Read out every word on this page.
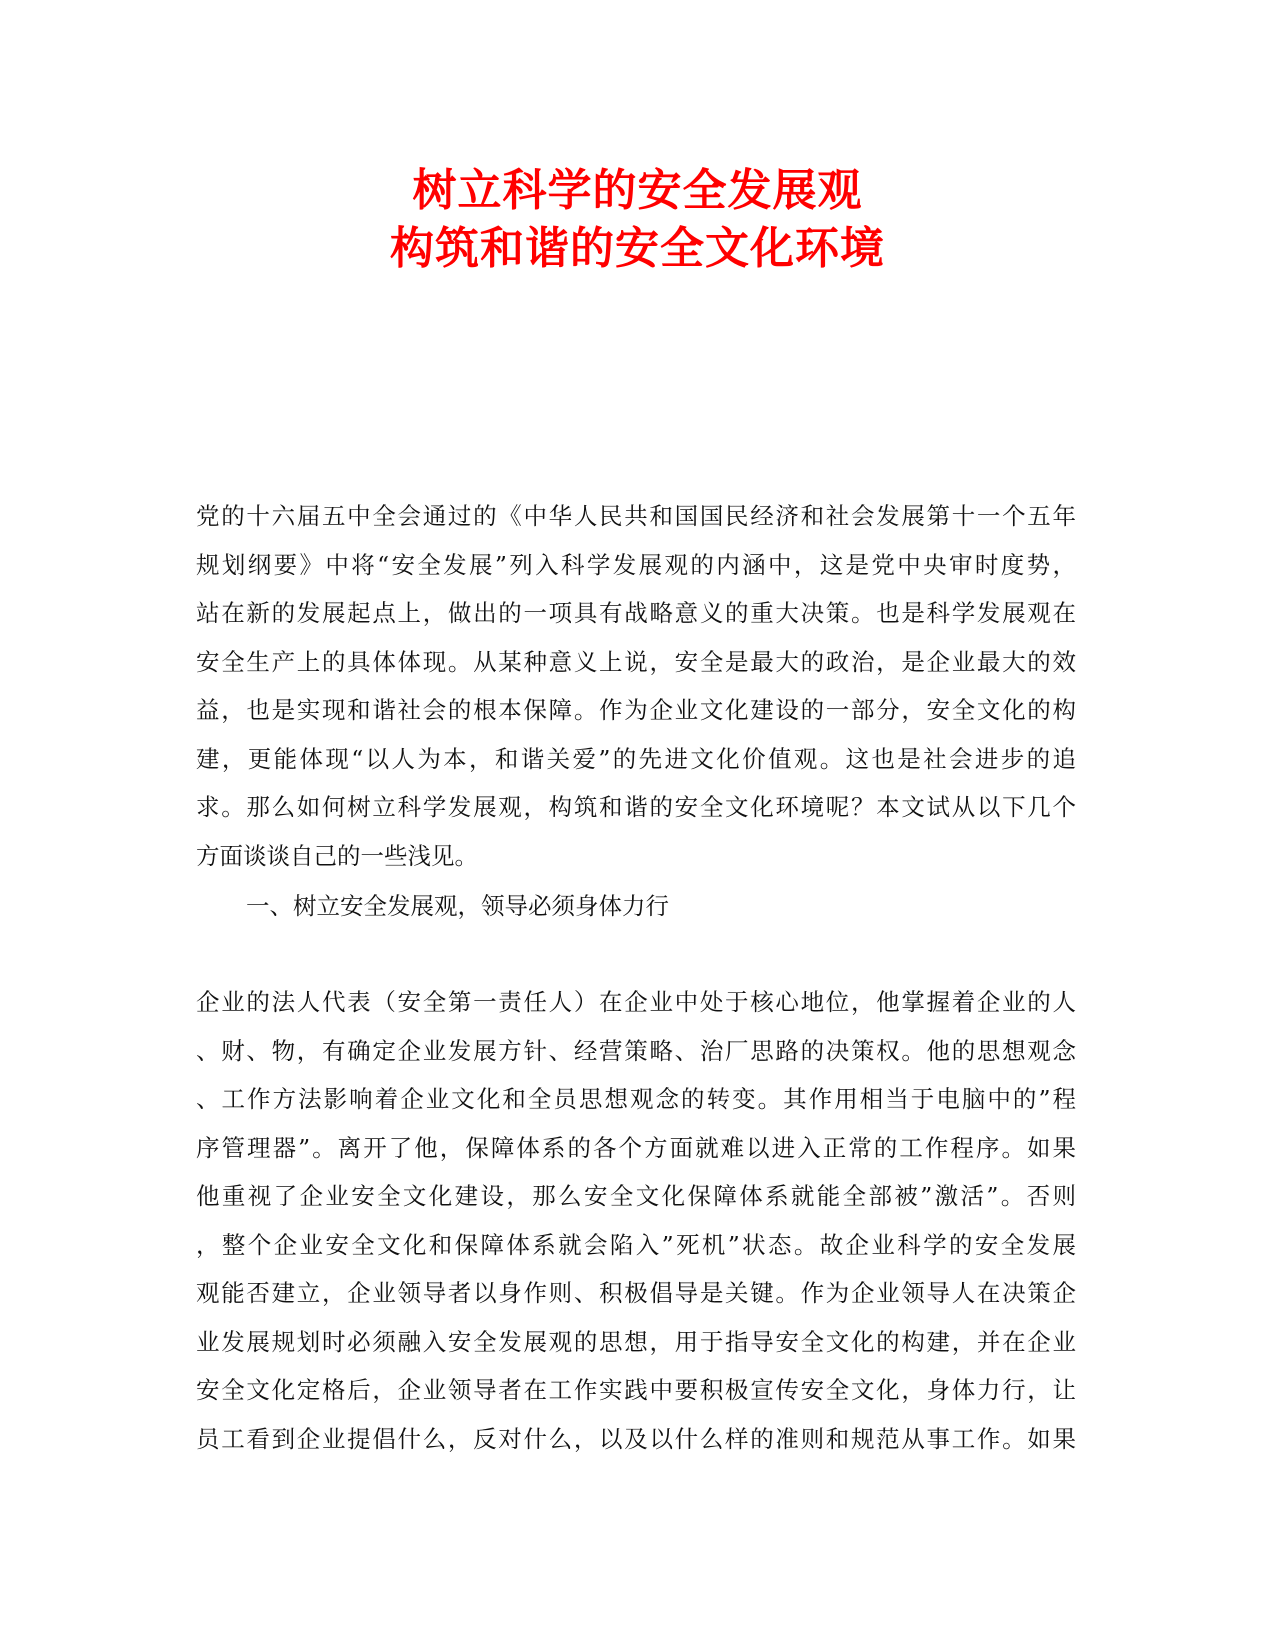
树立科学的安全发展观
构筑和谐的安全文化环境
党的十六届五中全会通过的《中华人民共和国国民经济和社会发展第十一个五年
规划纲要》中将“安全发展”列入科学发展观的内涵中，这是党中央审时度势，
站在新的发展起点上，做出的一项具有战略意义的重大决策。也是科学发展观在
安全生产上的具体体现。从某种意义上说，安全是最大的政治，是企业最大的效
益，也是实现和谐社会的根本保障。作为企业文化建设的一部分，安全文化的构
建，更能体现“以人为本，和谐关爱”的先进文化价值观。这也是社会进步的追
求。那么如何树立科学发展观，构筑和谐的安全文化环境呢？本文试从以下几个
方面谈谈自己的一些浅见。
一、树立安全发展观，领导必须身体力行
企业的法人代表（安全第一责任人）在企业中处于核心地位，他掌握着企业的人
、财、物，有确定企业发展方针、经营策略、治厂思路的决策权。他的思想观念
、工作方法影响着企业文化和全员思想观念的转变。其作用相当于电脑中的”程
序管理器”。离开了他，保障体系的各个方面就难以进入正常的工作程序。如果
他重视了企业安全文化建设，那么安全文化保障体系就能全部被”激活”。否则
，整个企业安全文化和保障体系就会陷入”死机”状态。故企业科学的安全发展
观能否建立，企业领导者以身作则、积极倡导是关键。作为企业领导人在决策企
业发展规划时必须融入安全发展观的思想，用于指导安全文化的构建，并在企业
安全文化定格后，企业领导者在工作实践中要积极宣传安全文化，身体力行，让
员工看到企业提倡什么，反对什么，以及以什么样的准则和规范从事工作。如果
